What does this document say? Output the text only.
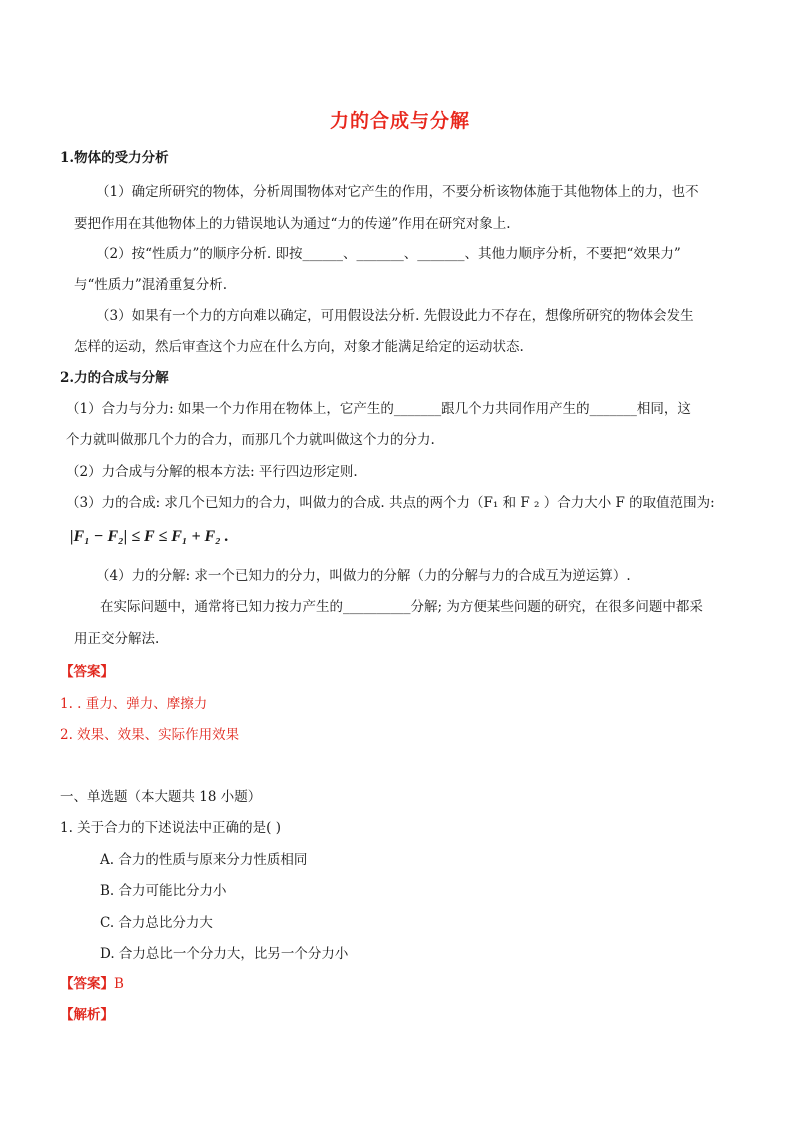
力的合成与分解
1.物体的受力分析
（1）确定所研究的物体，分析周围物体对它产生的作用，不要分析该物体施于其他物体上的力，也不
要把作用在其他物体上的力错误地认为通过“力的传递”作用在研究对象上.
（2）按“性质力”的顺序分析. 即按______、_______、_______、其他力顺序分析，不要把“效果力”
与“性质力”混淆重复分析.
（3）如果有一个力的方向难以确定，可用假设法分析. 先假设此力不存在，想像所研究的物体会发生
怎样的运动，然后审查这个力应在什么方向，对象才能满足给定的运动状态.
2.力的合成与分解
（1）合力与分力: 如果一个力作用在物体上，它产生的_______跟几个力共同作用产生的_______相同，这
个力就叫做那几个力的合力，而那几个力就叫做这个力的分力.
（2）力合成与分解的根本方法: 平行四边形定则.
（3）力的合成: 求几个已知力的合力，叫做力的合成. 共点的两个力（F₁ 和 F ₂ ）合力大小 F 的取值范围为:
|F₁ − F₂| ≤ F ≤ F₁ + F₂ .
（4）力的分解: 求一个已知力的分力，叫做力的分解（力的分解与力的合成互为逆运算）.
在实际问题中，通常将已知力按力产生的__________分解; 为方便某些问题的研究，在很多问题中都采
用正交分解法.
【答案】
1. . 重力、弹力、摩擦力
2. 效果、效果、实际作用效果
一、单选题（本大题共 18 小题）
1. 关于合力的下述说法中正确的是( )
A. 合力的性质与原来分力性质相同
B. 合力可能比分力小
C. 合力总比分力大
D. 合力总比一个分力大，比另一个分力小
【答案】B
【解析】
